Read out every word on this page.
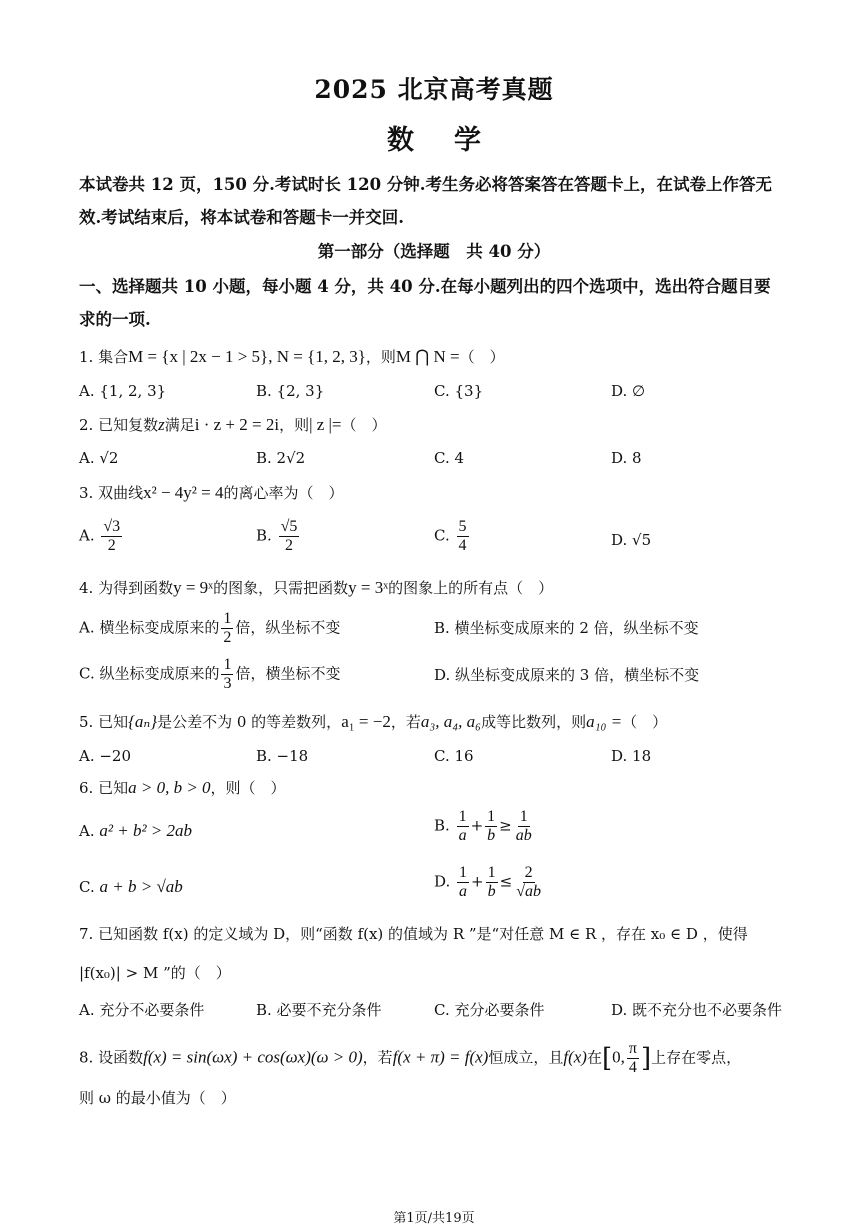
2025 北京高考真题
数学
本试卷共 12 页，150 分.考试时长 120 分钟.考生务必将答案答在答题卡上，在试卷上作答无
效.考试结束后，将本试卷和答题卡一并交回.
第一部分（选择题　共 40 分）
一、选择题共 10 小题，每小题 4 分，共 40 分.在每小题列出的四个选项中，选出符合题目要
求的一项.
1. 集合M = {x | 2x − 1 > 5}, N = {1, 2, 3}，则M ⋂ N =（　）
A. {1, 2, 3}	B. {2, 3}	C. {3}	D. ∅
2. 已知复数z满足i · z + 2 = 2i，则| z |=（　）
A. √2	B. 2√2	C. 4	D. 8
3. 双曲线x² − 4y² = 4的离心率为（　）
A. $\frac{√3}{2}$	B. $\frac{√5}{2}$	C. $\frac{5}{4}$	D. √5
4. 为得到函数y = 9ˣ的图象，只需把函数y = 3ˣ的图象上的所有点（　）
A. 横坐标变成原来的 $\frac{1}{2}$ 倍，纵坐标不变	B. 横坐标变成原来的 2 倍，纵坐标不变
C. 纵坐标变成原来的 $\frac{1}{3}$ 倍，横坐标不变	D. 纵坐标变成原来的 3 倍，横坐标不变
5. 已知{aₙ}是公差不为 0 的等差数列，a₁ = −2，若a₃, a₄, a₆成等比数列，则a₁₀ =（　）
A. −20	B. −18	C. 16	D. 18
6. 已知a > 0, b > 0，则（　）
A. a² + b² > 2ab	B. $\frac{1}{a} + \frac{1}{b} \ge \frac{1}{ab}$
C. a + b > √ab	D. $\frac{1}{a} + \frac{1}{b} \le \frac{2}{√ab}$
7. 已知函数 f(x) 的定义域为 D，则“函数 f(x) 的值域为 R ”是“对任意 M ∈ R ，存在 x₀ ∈ D ，使得
|f(x₀)| > M ”的（　）
A. 充分不必要条件	B. 必要不充分条件	C. 充分必要条件	D. 既不充分也不必要条件
8. 设函数f(x) = sin(ωx) + cos(ωx)(ω > 0)，若f(x + π) = f(x)恒成立，且f(x)在[0, $\frac{\pi}{4}$ ]上存在零点，
则 ω 的最小值为（　）
第1页/共19页
